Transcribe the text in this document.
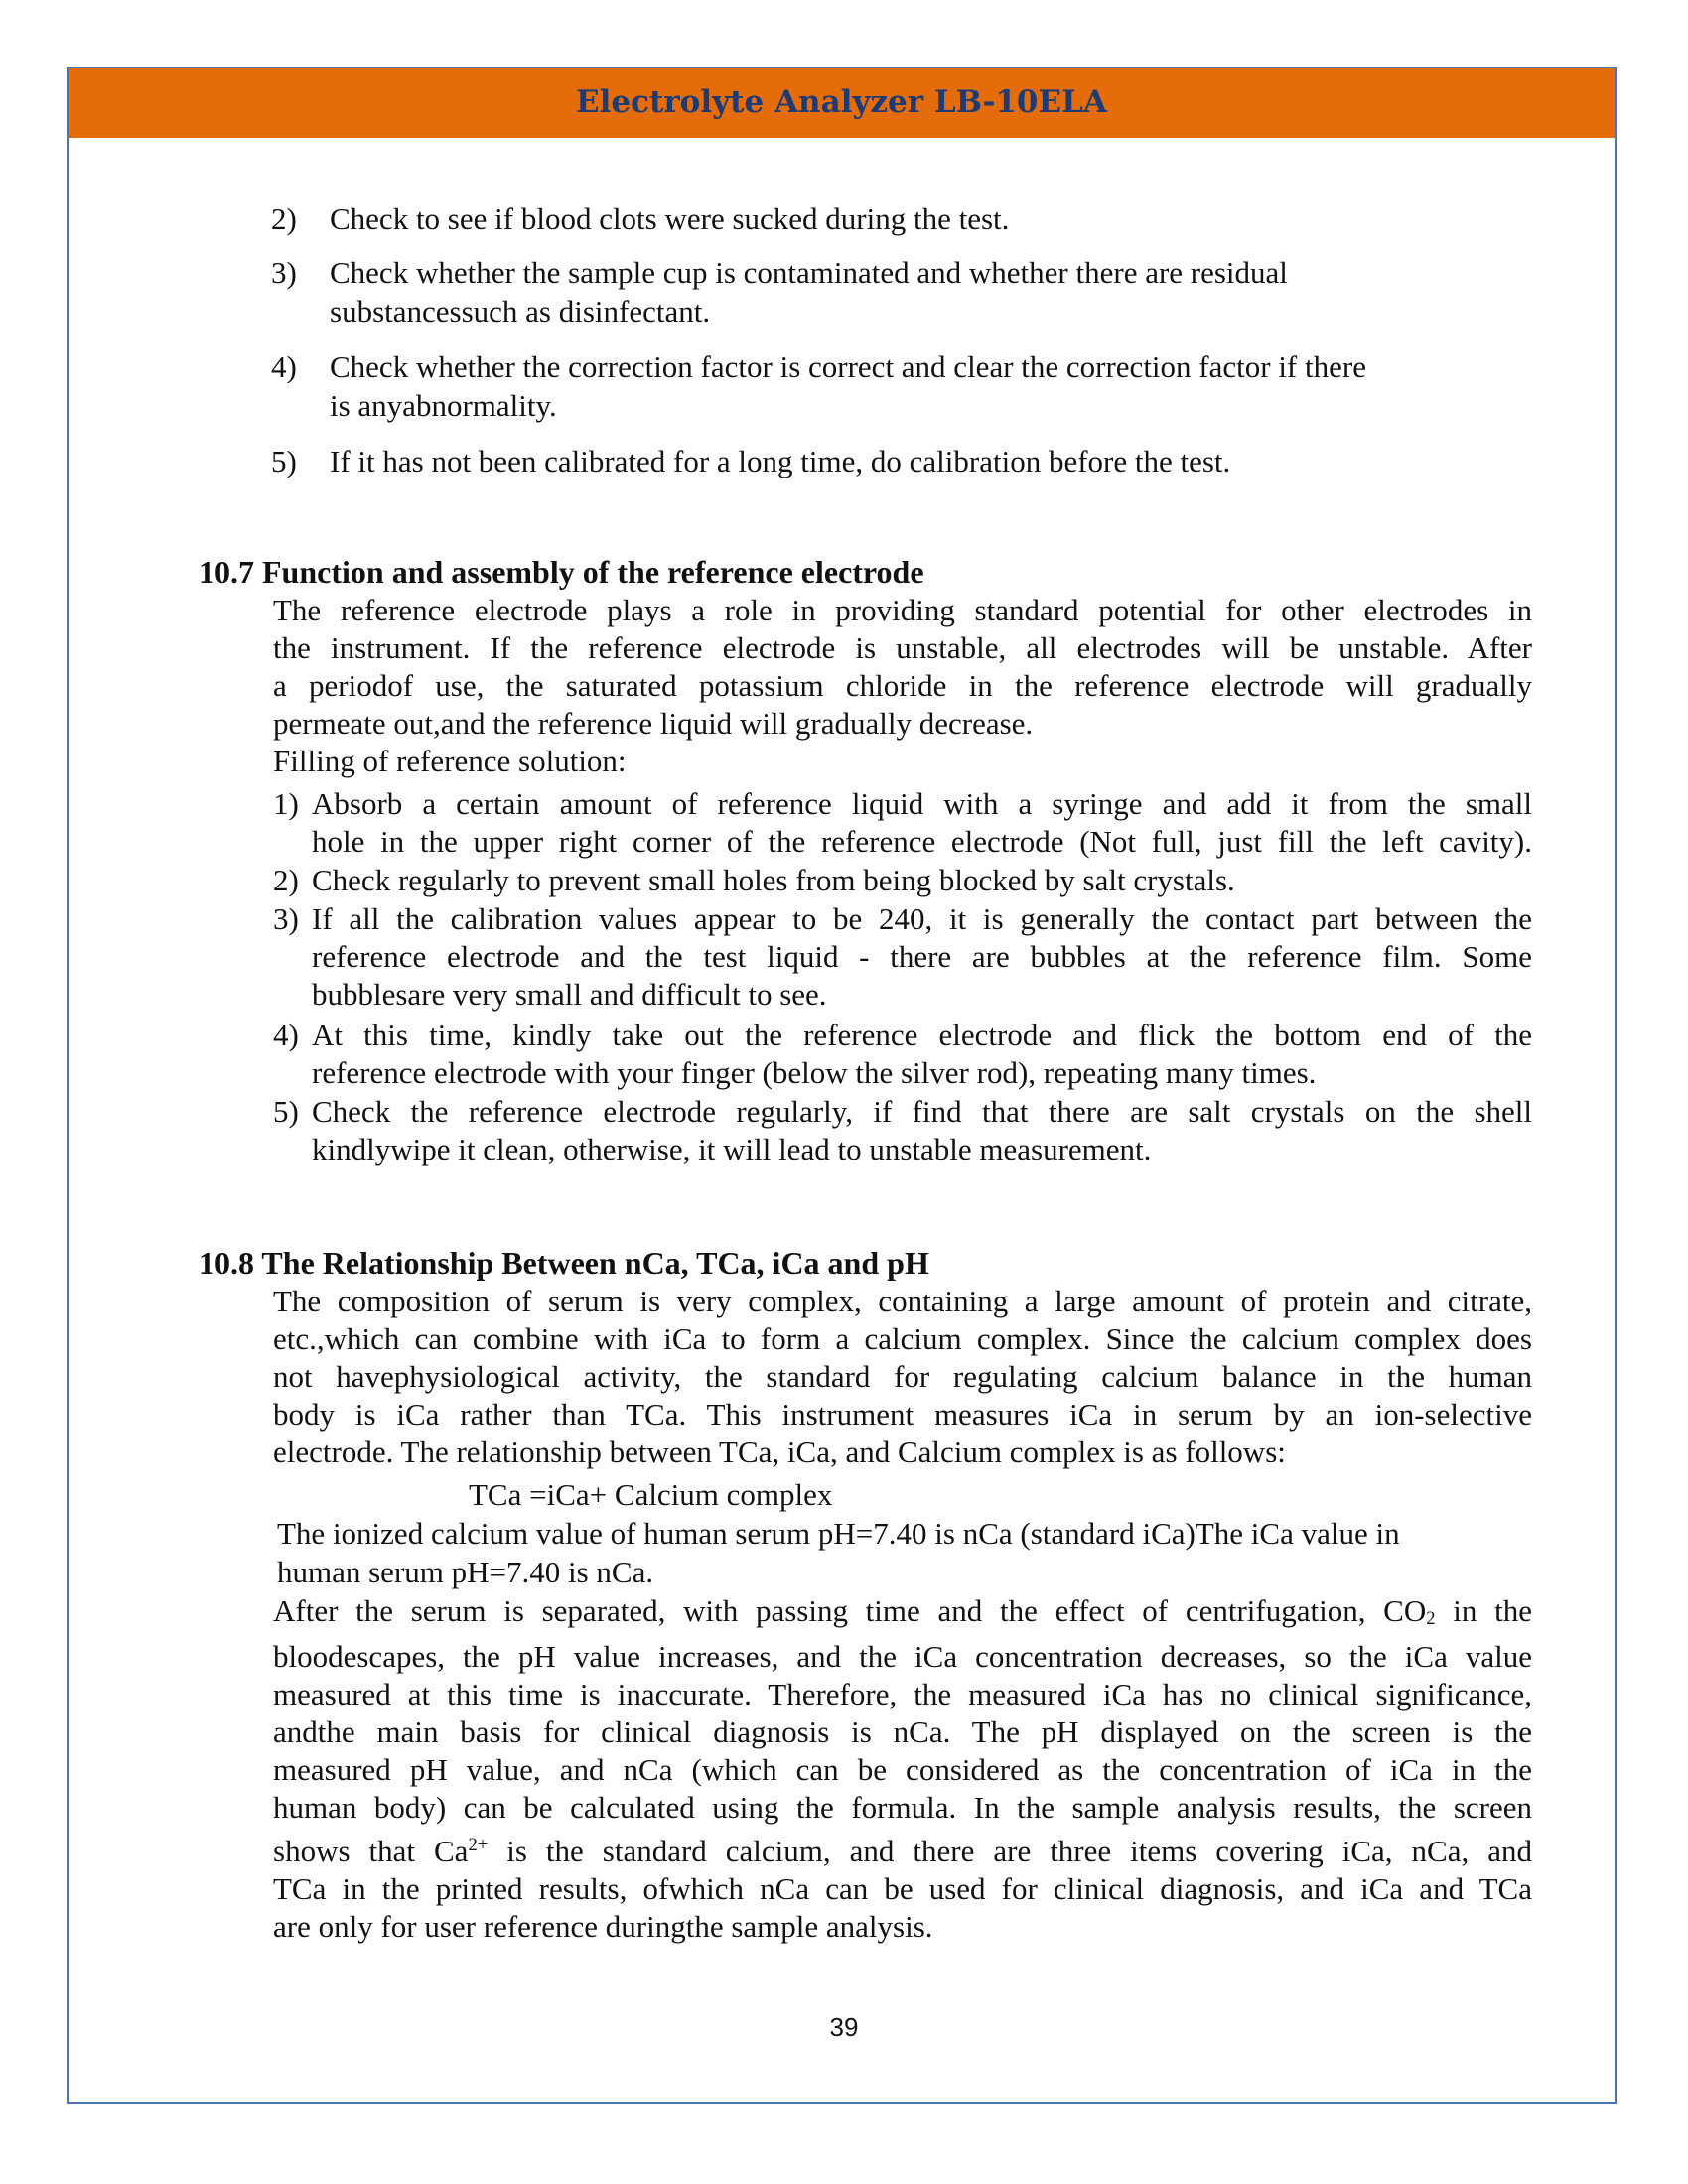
Electrolyte Analyzer LB-10ELA
2) Check to see if blood clots were sucked during the test.
3) Check whether the sample cup is contaminated and whether there are residual
substancessuch as disinfectant.
4) Check whether the correction factor is correct and clear the correction factor if there
is anyabnormality.
5) If it has not been calibrated for a long time, do calibration before the test.
10.7 Function and assembly of the reference electrode
The reference electrode plays a role in providing standard potential for other electrodes in
the instrument. If the reference electrode is unstable, all electrodes will be unstable. After
a periodof use, the saturated potassium chloride in the reference electrode will gradually
permeate out,and the reference liquid will gradually decrease.
Filling of reference solution:
1) Absorb a certain amount of reference liquid with a syringe and add it from the small
hole in the upper right corner of the reference electrode (Not full, just fill the left cavity).
2) Check regularly to prevent small holes from being blocked by salt crystals.
3) If all the calibration values appear to be 240, it is generally the contact part between the
reference electrode and the test liquid - there are bubbles at the reference film. Some
bubblesare very small and difficult to see.
4) At this time, kindly take out the reference electrode and flick the bottom end of the
reference electrode with your finger (below the silver rod), repeating many times.
5) Check the reference electrode regularly, if find that there are salt crystals on the shell
kindlywipe it clean, otherwise, it will lead to unstable measurement.
10.8 The Relationship Between nCa, TCa, iCa and pH
The composition of serum is very complex, containing a large amount of protein and citrate,
etc.,which can combine with iCa to form a calcium complex. Since the calcium complex does
not havephysiological activity, the standard for regulating calcium balance in the human
body is iCa rather than TCa. This instrument measures iCa in serum by an ion-selective
electrode. The relationship between TCa, iCa, and Calcium complex is as follows:
TCa =iCa+ Calcium complex
The ionized calcium value of human serum pH=7.40 is nCa (standard iCa)The iCa value in
human serum pH=7.40 is nCa.
After the serum is separated, with passing time and the effect of centrifugation, $CO_2$ in the
bloodescapes, the pH value increases, and the iCa concentration decreases, so the iCa value
measured at this time is inaccurate. Therefore, the measured iCa has no clinical significance,
andthe main basis for clinical diagnosis is nCa. The pH displayed on the screen is the
measured pH value, and nCa (which can be considered as the concentration of iCa in the
human body) can be calculated using the formula. In the sample analysis results, the screen
shows that $Ca^{2+}$ is the standard calcium, and there are three items covering iCa, nCa, and
TCa in the printed results, ofwhich nCa can be used for clinical diagnosis, and iCa and TCa
are only for user reference duringthe sample analysis.
39
